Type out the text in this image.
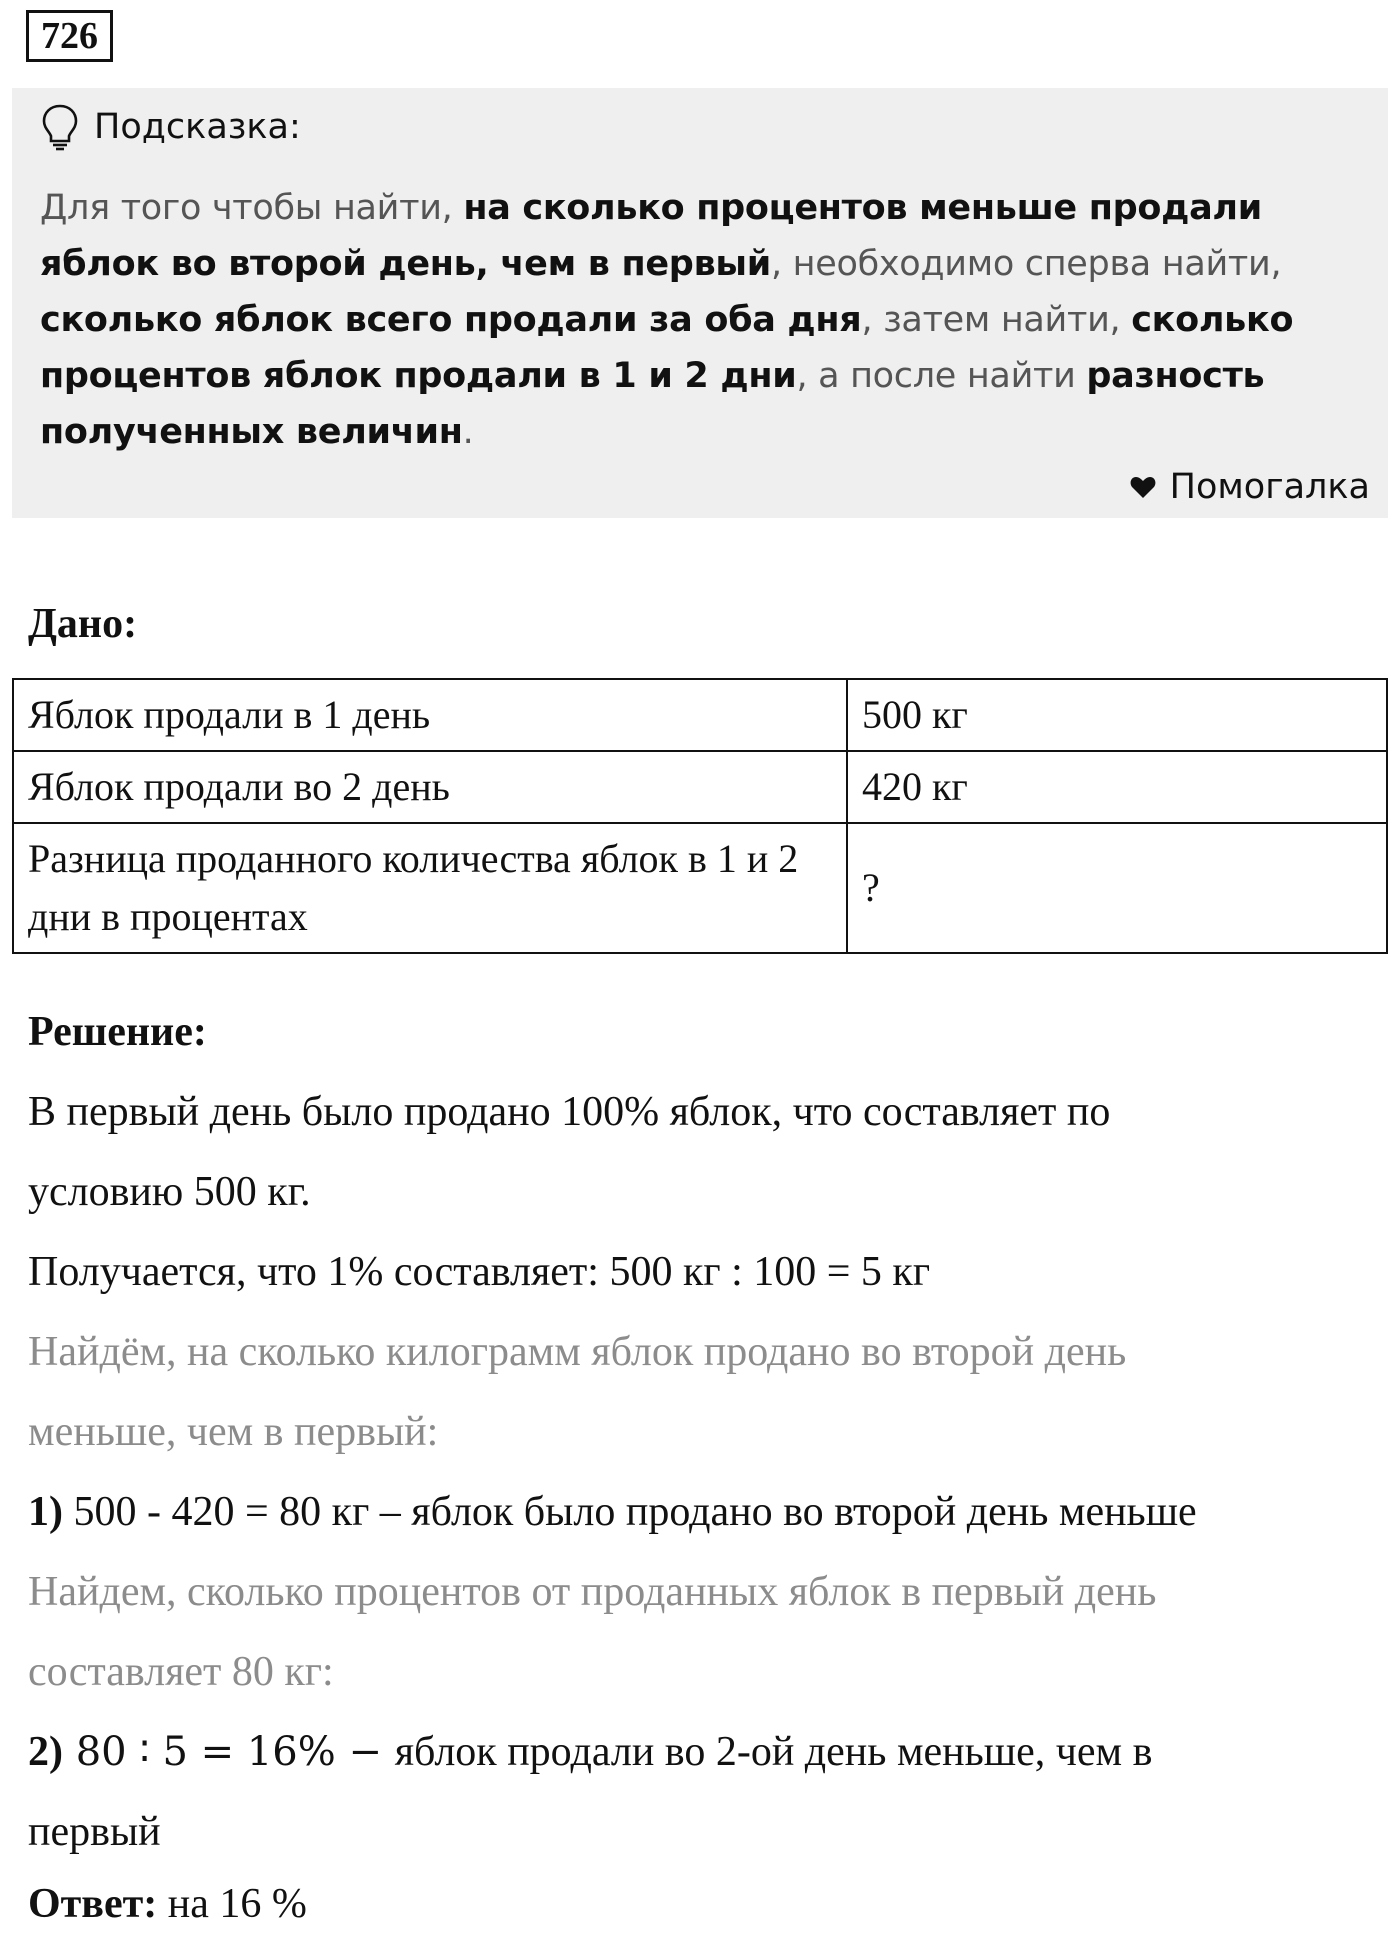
726
Подсказка:
Для того чтобы найти, на сколько процентов меньше продали яблок во второй день, чем в первый, необходимо сперва найти, сколько яблок всего продали за оба дня, затем найти, сколько процентов яблок продали в 1 и 2 дни, а после найти разность полученных величин.
Помогалка
Дано:
Яблок продали в 1 день	500 кг
Яблок продали во 2 день	420 кг
Разница проданного количества яблок в 1 и 2 дни в процентах	?
Решение:
В первый день было продано 100% яблок, что составляет по
условию 500 кг.
Получается, что 1% составляет: 500 кг : 100 = 5 кг
Найдём, на сколько килограмм яблок продано во второй день
меньше, чем в первый:
1) 500 - 420 = 80 кг – яблок было продано во второй день меньше
Найдем, сколько процентов от проданных яблок в первый день
составляет 80 кг:
2) 80 ∶ 5 = 16% − яблок продали во 2-ой день меньше, чем в
первый
Ответ: на 16 %
